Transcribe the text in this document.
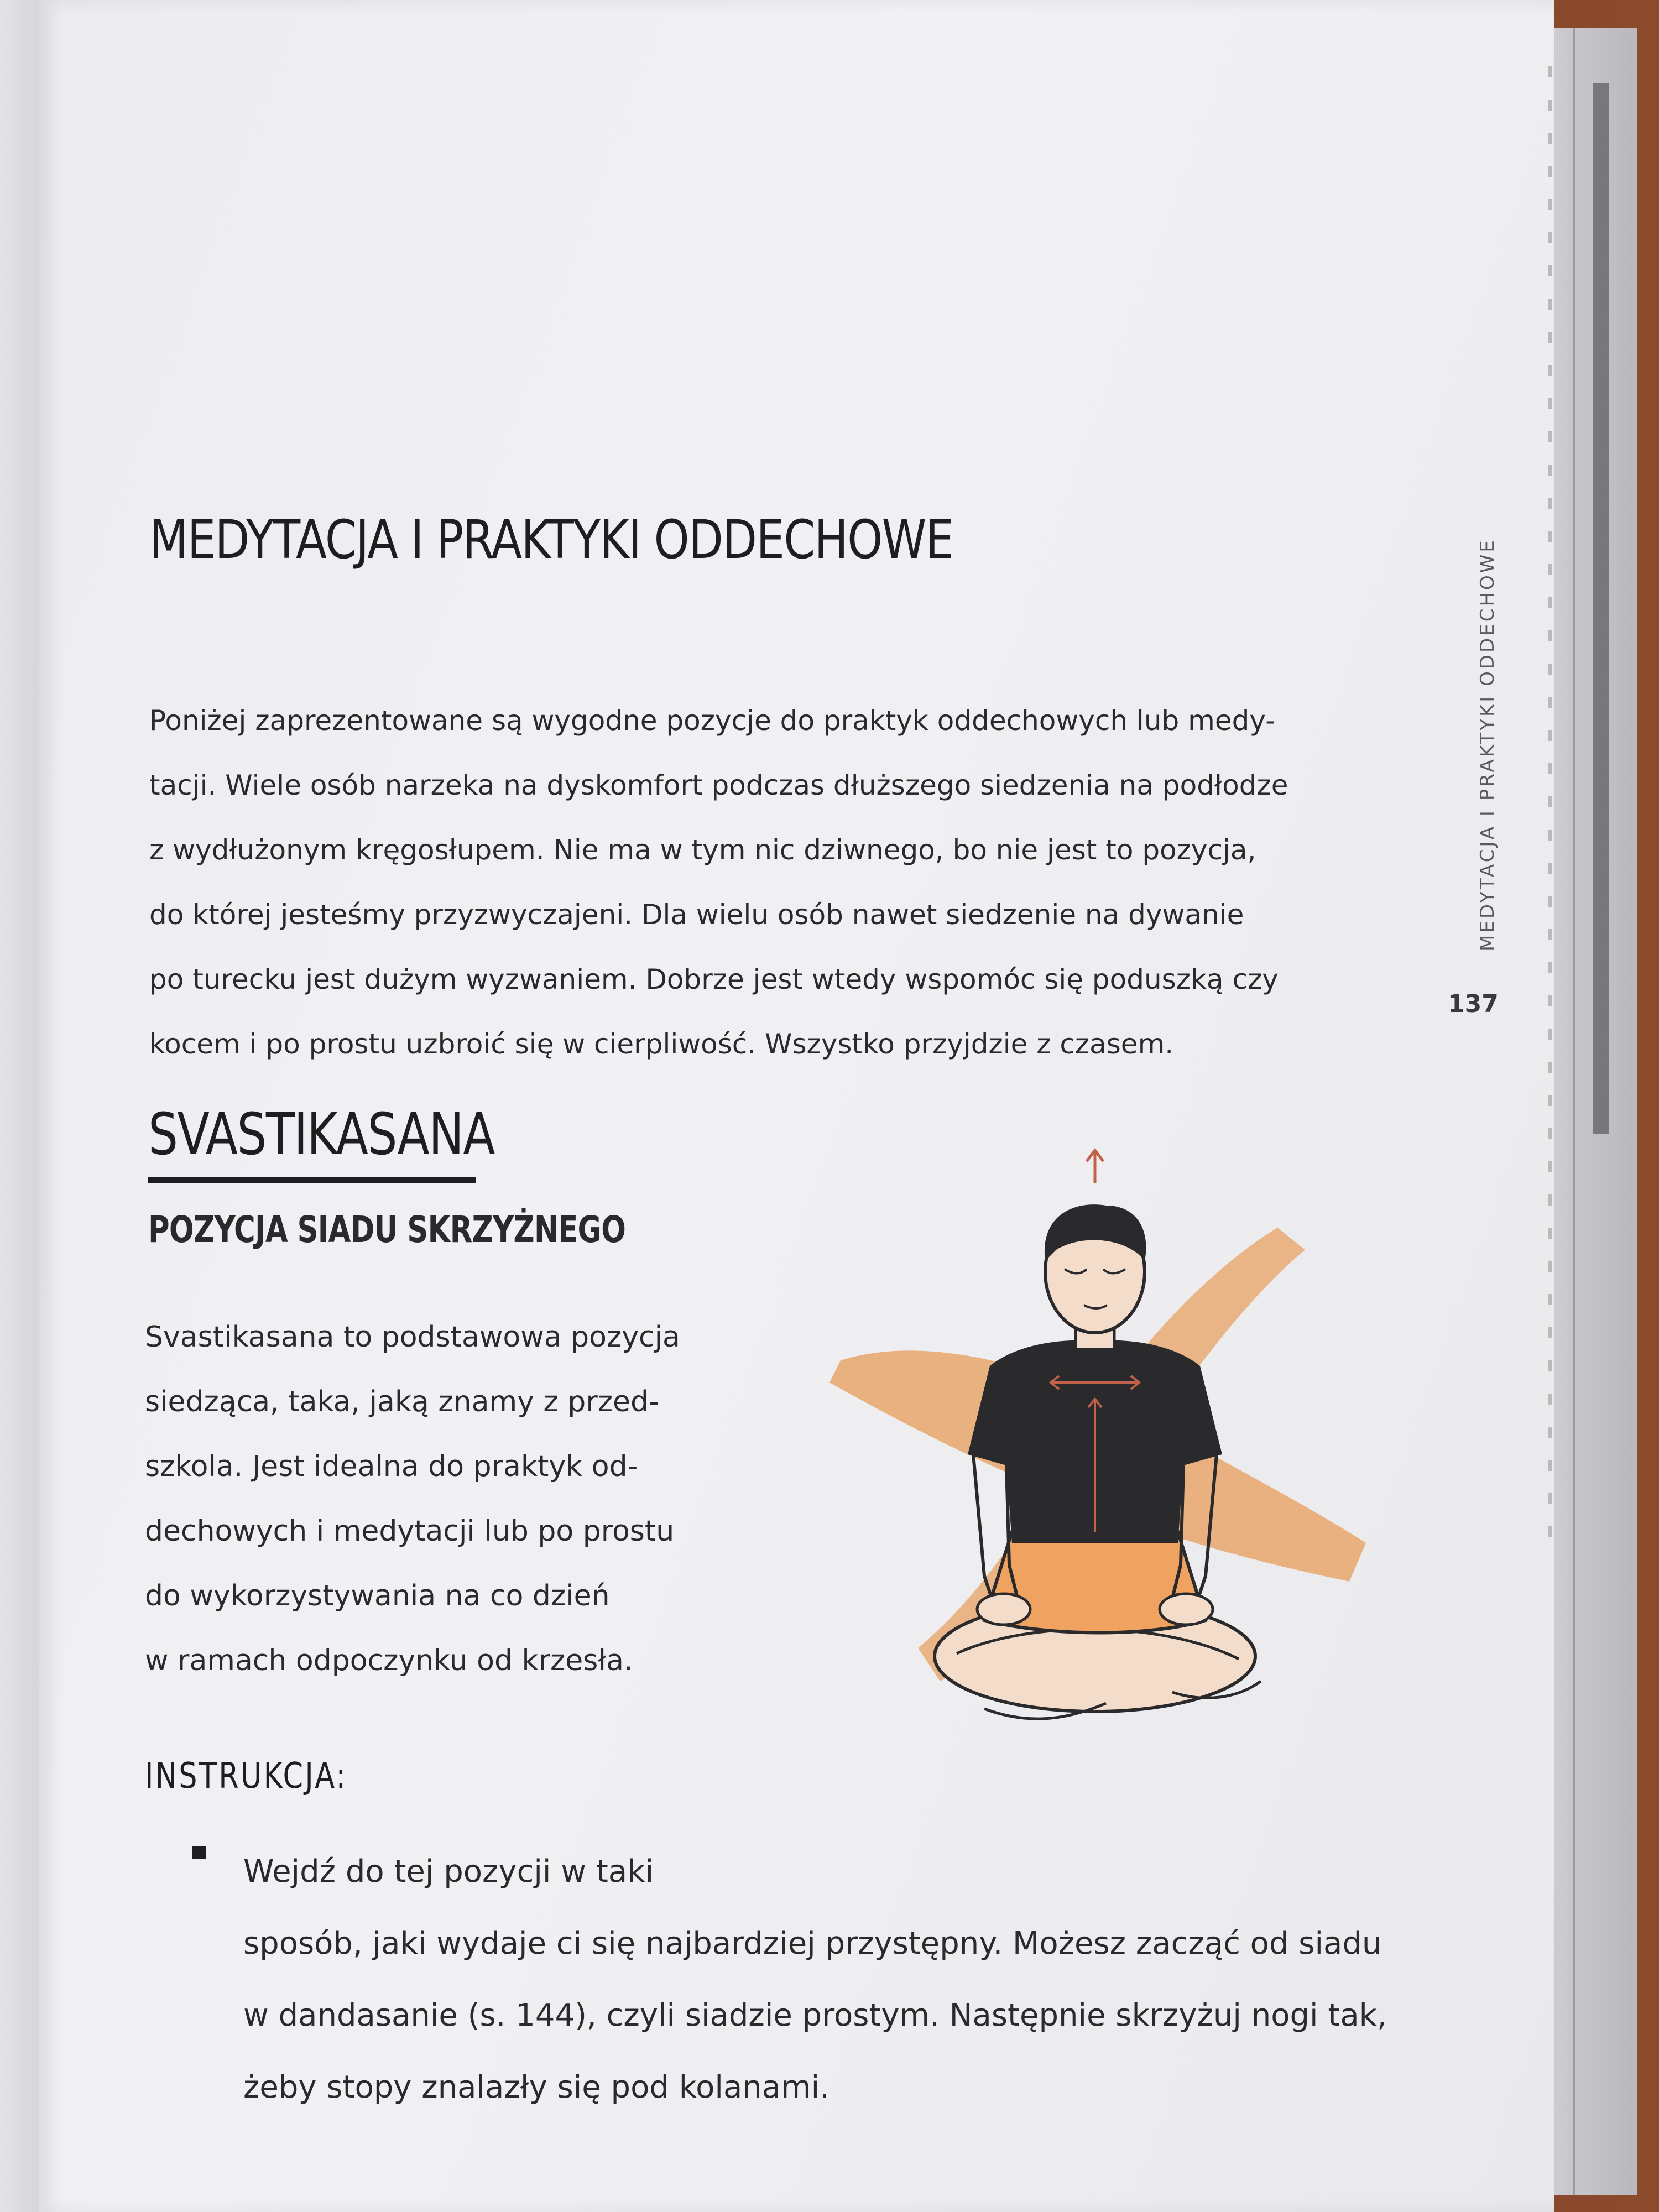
MEDYTACJA I PRAKTYKI ODDECHOWE

Poniżej zaprezentowane są wygodne pozycje do praktyk oddechowych lub medy-
tacji. Wiele osób narzeka na dyskomfort podczas dłuższego siedzenia na podłodze
z wydłużonym kręgosłupem. Nie ma w tym nic dziwnego, bo nie jest to pozycja,
do której jesteśmy przyzwyczajeni. Dla wielu osób nawet siedzenie na dywanie
po turecku jest dużym wyzwaniem. Dobrze jest wtedy wspomóc się poduszką czy
kocem i po prostu uzbroić się w cierpliwość. Wszystko przyjdzie z czasem.

MEDYTACJA I PRAKTYKI ODDECHOWE
137
SVASTIKASANA
POZYCJA SIADU SKRZYŻNEGO

Svastikasana to podstawowa pozycja
siedząca, taka, jaką znamy z przed-
szkola. Jest idealna do praktyk od-
dechowych i medytacji lub po prostu
do wykorzystywania na co dzień
w ramach odpoczynku od krzesła.

INSTRUKCJA:
Wejdź do tej pozycji w taki
sposób, jaki wydaje ci się najbardziej przystępny. Możesz zacząć od siadu
w dandasanie (s. 144), czyli siadzie prostym. Następnie skrzyżuj nogi tak,
żeby stopy znalazły się pod kolanami.
